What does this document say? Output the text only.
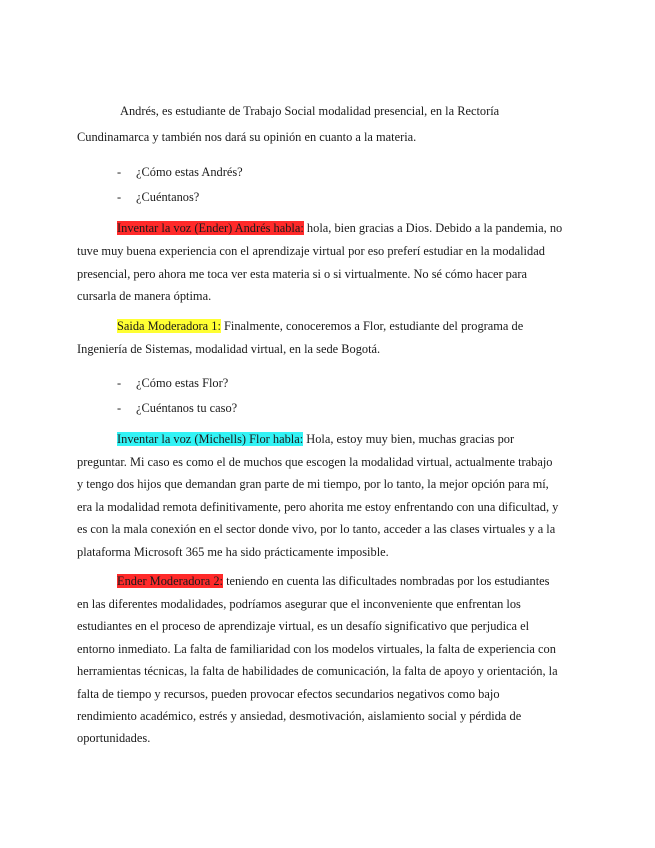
Andrés, es estudiante de Trabajo Social modalidad presencial, en la Rectoría
Cundinamarca y también nos dará su opinión en cuanto a la materia.
- ¿Cómo estas Andrés?
- ¿Cuéntanos?
Inventar la voz (Ender) Andrés habla: hola, bien gracias a Dios. Debido a la pandemia, no
tuve muy buena experiencia con el aprendizaje virtual por eso preferí estudiar en la modalidad
presencial, pero ahora me toca ver esta materia si o si virtualmente. No sé cómo hacer para
cursarla de manera óptima.
Saida Moderadora 1: Finalmente, conoceremos a Flor, estudiante del programa de
Ingeniería de Sistemas, modalidad virtual, en la sede Bogotá.
- ¿Cómo estas Flor?
- ¿Cuéntanos tu caso?
Inventar la voz (Michells) Flor habla: Hola, estoy muy bien, muchas gracias por
preguntar. Mi caso es como el de muchos que escogen la modalidad virtual, actualmente trabajo
y tengo dos hijos que demandan gran parte de mi tiempo, por lo tanto, la mejor opción para mí,
era la modalidad remota definitivamente, pero ahorita me estoy enfrentando con una dificultad, y
es con la mala conexión en el sector donde vivo, por lo tanto, acceder a las clases virtuales y a la
plataforma Microsoft 365 me ha sido prácticamente imposible.
Ender Moderadora 2: teniendo en cuenta las dificultades nombradas por los estudiantes
en las diferentes modalidades, podríamos asegurar que el inconveniente que enfrentan los
estudiantes en el proceso de aprendizaje virtual, es un desafío significativo que perjudica el
entorno inmediato. La falta de familiaridad con los modelos virtuales, la falta de experiencia con
herramientas técnicas, la falta de habilidades de comunicación, la falta de apoyo y orientación, la
falta de tiempo y recursos, pueden provocar efectos secundarios negativos como bajo
rendimiento académico, estrés y ansiedad, desmotivación, aislamiento social y pérdida de
oportunidades.
